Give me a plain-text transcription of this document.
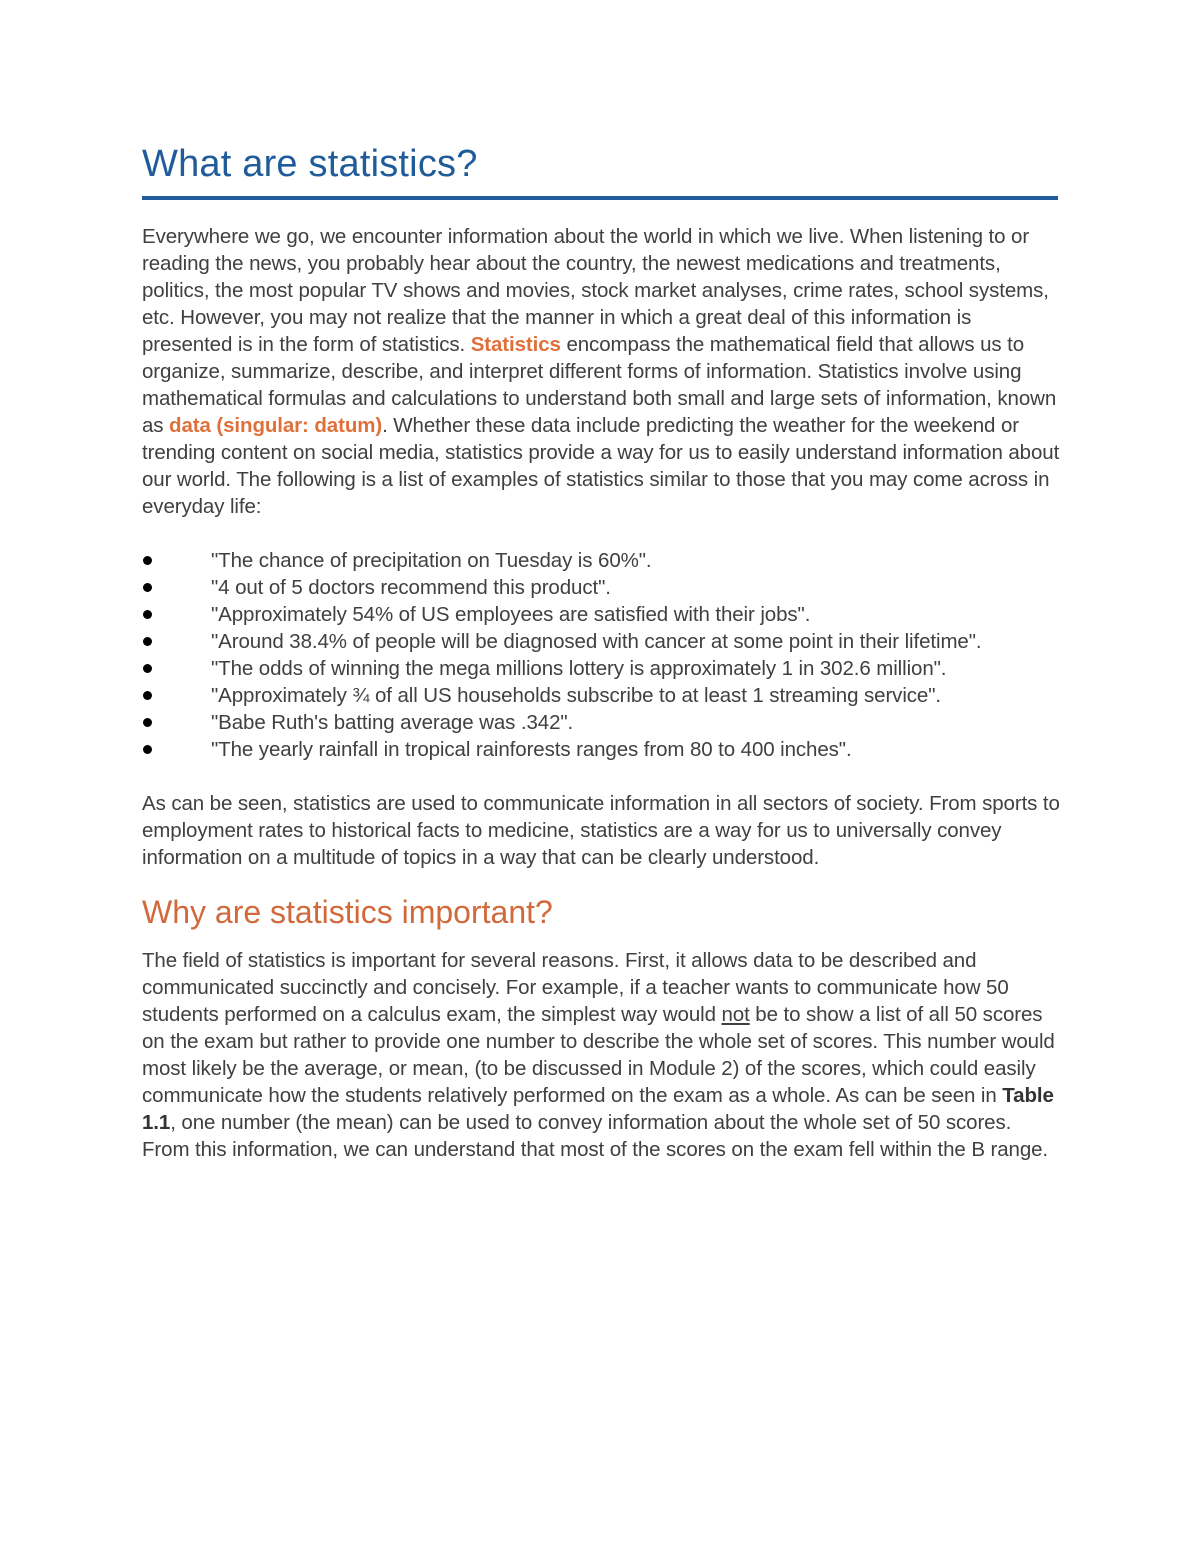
What are statistics?

Everywhere we go, we encounter information about the world in which we live. When listening to or reading the news, you probably hear about the country, the newest medications and treatments, politics, the most popular TV shows and movies, stock market analyses, crime rates, school systems, etc. However, you may not realize that the manner in which a great deal of this information is presented is in the form of statistics. Statistics encompass the mathematical field that allows us to organize, summarize, describe, and interpret different forms of information. Statistics involve using mathematical formulas and calculations to understand both small and large sets of information, known as data (singular: datum). Whether these data include predicting the weather for the weekend or trending content on social media, statistics provide a way for us to easily understand information about our world. The following is a list of examples of statistics similar to those that you may come across in everyday life:

"The chance of precipitation on Tuesday is 60%".
"4 out of 5 doctors recommend this product".
"Approximately 54% of US employees are satisfied with their jobs".
"Around 38.4% of people will be diagnosed with cancer at some point in their lifetime".
"The odds of winning the mega millions lottery is approximately 1 in 302.6 million".
"Approximately ¾ of all US households subscribe to at least 1 streaming service".
"Babe Ruth's batting average was .342".
"The yearly rainfall in tropical rainforests ranges from 80 to 400 inches".

As can be seen, statistics are used to communicate information in all sectors of society. From sports to employment rates to historical facts to medicine, statistics are a way for us to universally convey information on a multitude of topics in a way that can be clearly understood.

Why are statistics important?

The field of statistics is important for several reasons. First, it allows data to be described and communicated succinctly and concisely. For example, if a teacher wants to communicate how 50 students performed on a calculus exam, the simplest way would not be to show a list of all 50 scores on the exam but rather to provide one number to describe the whole set of scores. This number would most likely be the average, or mean, (to be discussed in Module 2) of the scores, which could easily communicate how the students relatively performed on the exam as a whole. As can be seen in Table 1.1, one number (the mean) can be used to convey information about the whole set of 50 scores. From this information, we can understand that most of the scores on the exam fell within the B range.
